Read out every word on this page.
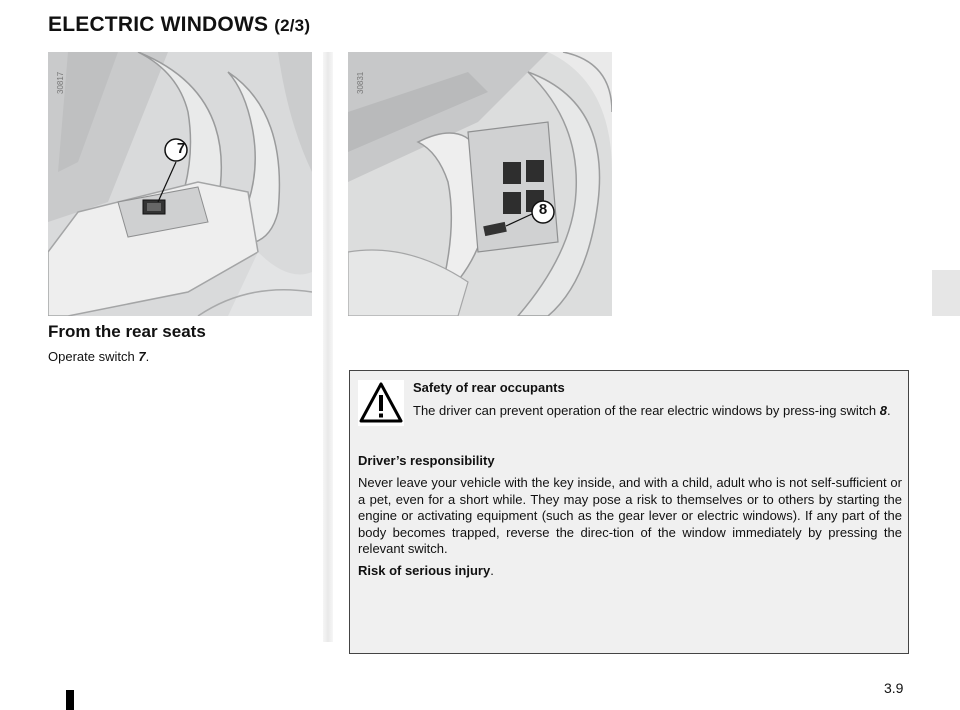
ELECTRIC WINDOWS (2/3)
7
30817
8
30831
From the rear seats

Operate switch 7.

Safety of rear occupants

The driver can prevent operation of the rear electric windows by press-ing switch 8.

Driver’s responsibility

Never leave your vehicle with the key inside, and with a child, adult who is not self-sufficient or a pet, even for a short while. They may pose a risk to themselves or to others by starting the engine or activating equipment (such as the gear lever or electric windows). If any part of the body becomes trapped, reverse the direc-tion of the window immediately by pressing the relevant switch.

Risk of serious injury.

3.9
